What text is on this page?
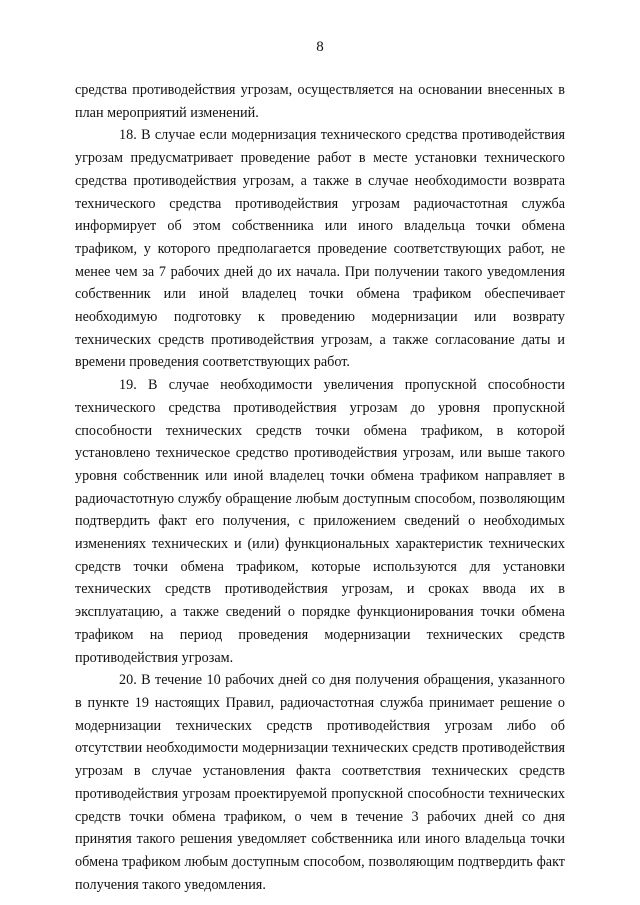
8

средства противодействия угрозам, осуществляется на основании внесенных в план мероприятий изменений.

18. В случае если модернизация технического средства противодействия угрозам предусматривает проведение работ в месте установки технического средства противодействия угрозам, а также в случае необходимости возврата технического средства противодействия угрозам радиочастотная служба информирует об этом собственника или иного владельца точки обмена трафиком, у которого предполагается проведение соответствующих работ, не менее чем за 7 рабочих дней до их начала. При получении такого уведомления собственник или иной владелец точки обмена трафиком обеспечивает необходимую подготовку к проведению модернизации или возврату технических средств противодействия угрозам, а также согласование даты и времени проведения соответствующих работ.

19. В случае необходимости увеличения пропускной способности технического средства противодействия угрозам до уровня пропускной способности технических средств точки обмена трафиком, в которой установлено техническое средство противодействия угрозам, или выше такого уровня собственник или иной владелец точки обмена трафиком направляет в радиочастотную службу обращение любым доступным способом, позволяющим подтвердить факт его получения, с приложением сведений о необходимых изменениях технических и (или) функциональных характеристик технических средств точки обмена трафиком, которые используются для установки технических средств противодействия угрозам, и сроках ввода их в эксплуатацию, а также сведений о порядке функционирования точки обмена трафиком на период проведения модернизации технических средств противодействия угрозам.

20. В течение 10 рабочих дней со дня получения обращения, указанного в пункте 19 настоящих Правил, радиочастотная служба принимает решение о модернизации технических средств противодействия угрозам либо об отсутствии необходимости модернизации технических средств противодействия угрозам в случае установления факта соответствия технических средств противодействия угрозам проектируемой пропускной способности технических средств точки обмена трафиком, о чем в течение 3 рабочих дней со дня принятия такого решения уведомляет собственника или иного владельца точки обмена трафиком любым доступным способом, позволяющим подтвердить факт получения такого уведомления.
